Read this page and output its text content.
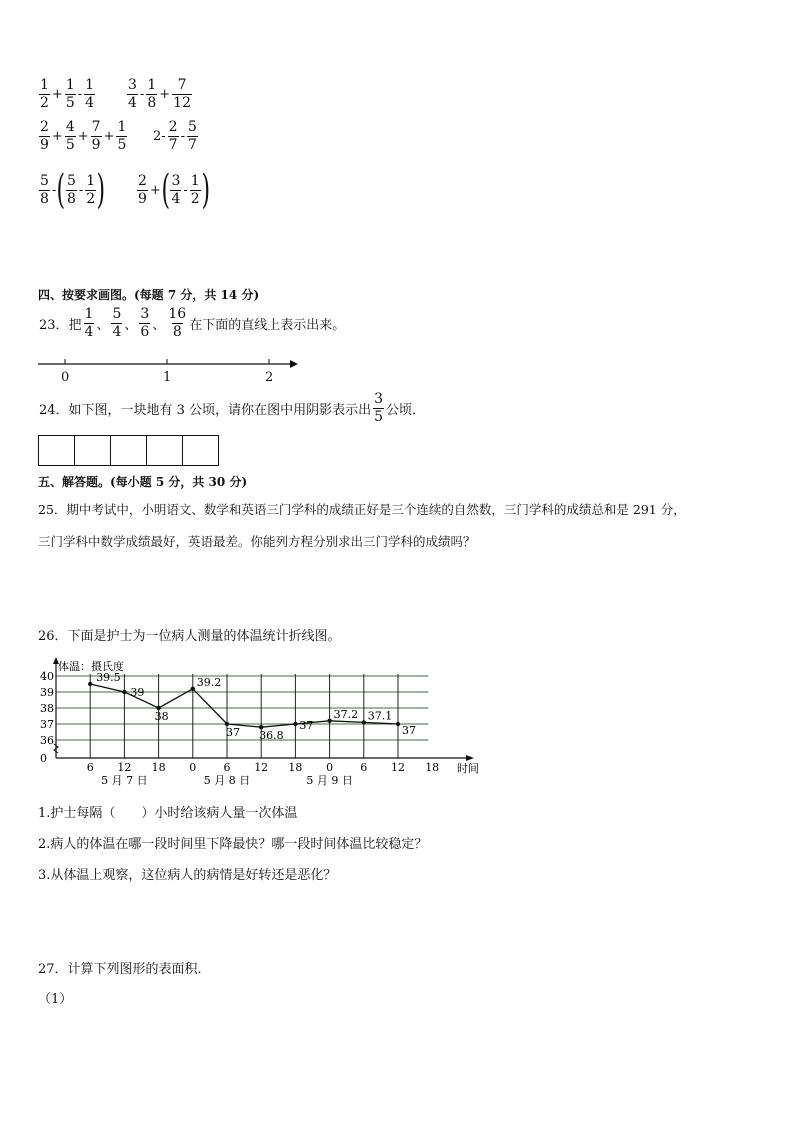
$\frac{1}{2} + \frac{1}{5} - \frac{1}{4} \frac{3}{4} - \frac{1}{8} + \frac{7}{12}$
$\frac{2}{9} + \frac{4}{5} + \frac{7}{9} + \frac{1}{5} 2- \frac{2}{7} - \frac{5}{7}$
$\frac{5}{8}$ - ( $\frac{5}{8} - \frac{1}{2}$ ) $\frac{2}{9}$ + ( $\frac{3}{4} - \frac{1}{2}$ )
四、按要求画图。(每题 7 分，共 14 分)
23．把 $\frac{1}{4}$ 、 $\frac{5}{4}$ 、 $\frac{3}{6}$ 、 $\frac{16}{8}$ 在下面的直线上表示出来。
0	1	2
24．如下图，一块地有 3 公顷，请你在图中用阴影表示出 $\frac{3}{5}$ 公顷．
五、解答题。(每小题 5 分，共 30 分)
25．期中考试中，小明语文、数学和英语三门学科的成绩正好是三个连续的自然数，三门学科的成绩总和是 291 分，
三门学科中数学成绩最好，英语最差。你能列方程分别求出三门学科的成绩吗？
26．下面是护士为一位病人测量的体温统计折线图。
体温：摄氏度
40
39
38
37
36
0
6 12 18 0 6 12 18 0 6 12 18 时间
5 月 7 日	5 月 8 日	5 月 9 日
39.5
39
38
39.2
37 36.8
37
37.2 37.1
37
1.护士每隔（　　）小时给该病人量一次体温
2.病人的体温在哪一段时间里下降最快？哪一段时间体温比较稳定？
3.从体温上观察，这位病人的病情是好转还是恶化？
27．计算下列图形的表面积．
（1）
